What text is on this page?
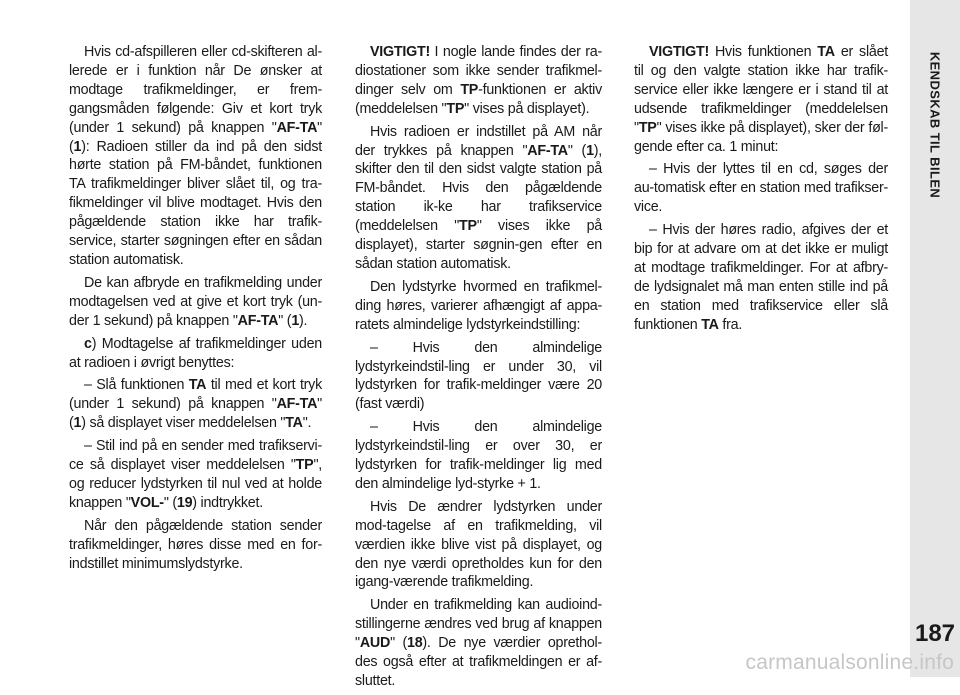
Hvis cd-afspilleren eller cd-skifteren al-lerede er i funktion når De ønsker at modtage trafikmeldinger, er frem-gangsmåden følgende: Giv et kort tryk (under 1 sekund) på knappen "AF-TA" (1): Radioen stiller da ind på den sidst hørte station på FM-båndet, funktionen TA trafikmeldinger bliver slået til, og tra-fikmeldinger vil blive modtaget. Hvis den pågældende station ikke har trafik-service, starter søgningen efter en sådan station automatisk.

De kan afbryde en trafikmelding under modtagelsen ved at give et kort tryk (un-der 1 sekund) på knappen "AF-TA" (1).

c) Modtagelse af trafikmeldinger uden at radioen i øvrigt benyttes:

– Slå funktionen TA til med et kort tryk (under 1 sekund) på knappen "AF-TA" (1) så displayet viser meddelelsen "TA".

– Stil ind på en sender med trafikservi-ce så displayet viser meddelelsen "TP", og reducer lydstyrken til nul ved at holde knappen "VOL-" (19) indtrykket.

Når den pågældende station sender trafikmeldinger, høres disse med en for-indstillet minimumslydstyrke.

VIGTIGT! I nogle lande findes der ra-diostationer som ikke sender trafikmel-dinger selv om TP-funktionen er aktiv (meddelelsen "TP" vises på displayet).

Hvis radioen er indstillet på AM når der trykkes på knappen "AF-TA" (1), skifter den til den sidst valgte station på FM-båndet. Hvis den pågældende station ik-ke har trafikservice (meddelelsen "TP" vises ikke på displayet), starter søgnin-gen efter en sådan station automatisk.

Den lydstyrke hvormed en trafikmel-ding høres, varierer afhængigt af appa-ratets almindelige lydstyrkeindstilling:

– Hvis den almindelige lydstyrkeindstil-ling er under 30, vil lydstyrken for trafik-meldinger være 20 (fast værdi)

– Hvis den almindelige lydstyrkeindstil-ling er over 30, er lydstyrken for trafik-meldinger lig med den almindelige lyd-styrke + 1.

Hvis De ændrer lydstyrken under mod-tagelse af en trafikmelding, vil værdien ikke blive vist på displayet, og den nye værdi opretholdes kun for den igang-værende trafikmelding.

Under en trafikmelding kan audioind-stillingerne ændres ved brug af knappen "AUD" (18). De nye værdier oprethol-des også efter at trafikmeldingen er af-sluttet.

VIGTIGT! Hvis funktionen TA er slået til og den valgte station ikke har trafik-service eller ikke længere er i stand til at udsende trafikmeldinger (meddelelsen "TP" vises ikke på displayet), sker der føl-gende efter ca. 1 minut:

– Hvis der lyttes til en cd, søges der au-tomatisk efter en station med trafikser-vice.

– Hvis der høres radio, afgives der et bip for at advare om at det ikke er muligt at modtage trafikmeldinger. For at afbry-de lydsignalet må man enten stille ind på en station med trafikservice eller slå funktionen TA fra.

KENDSKAB TIL BILEN
187
carmanualsonline.info
